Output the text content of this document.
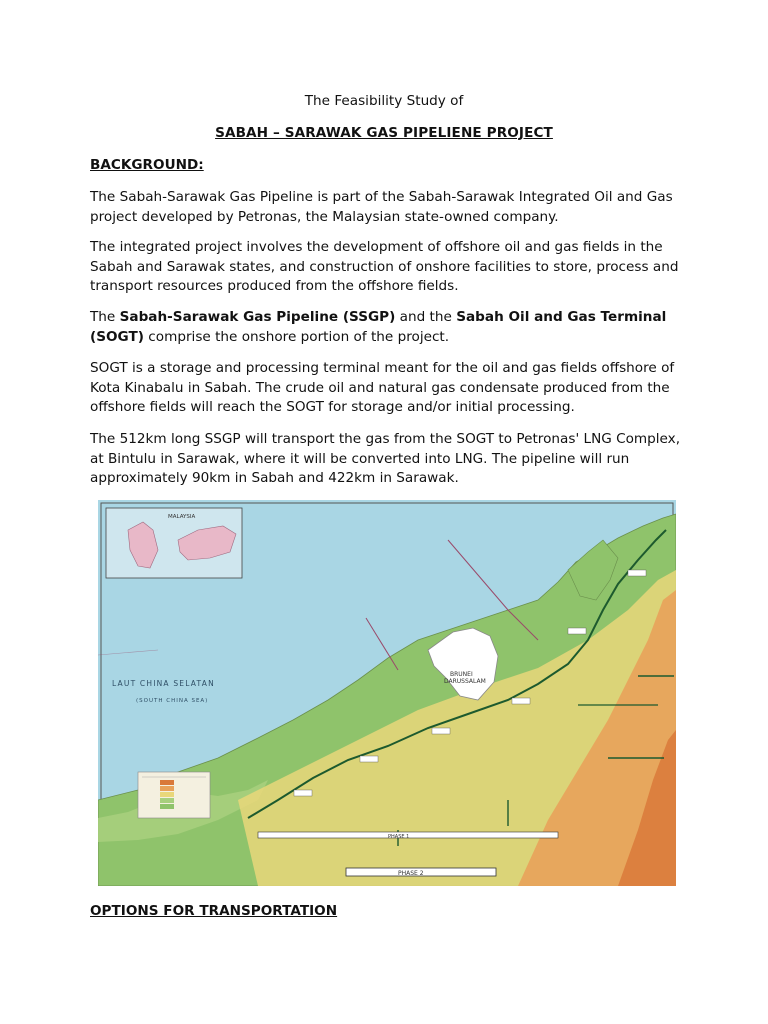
The Feasibility Study of
SABAH – SARAWAK GAS PIPELIENE PROJECT
BACKGROUND:

The Sabah-Sarawak Gas Pipeline is part of the Sabah-Sarawak Integrated Oil and Gas project developed by Petronas, the Malaysian state-owned company.

The integrated project involves the development of offshore oil and gas fields in the Sabah and Sarawak states, and construction of onshore facilities to store, process and transport resources produced from the offshore fields.

The Sabah-Sarawak Gas Pipeline (SSGP) and the Sabah Oil and Gas Terminal (SOGT) comprise the onshore portion of the project.

SOGT is a storage and processing terminal meant for the oil and gas fields offshore of Kota Kinabalu in Sabah. The crude oil and natural gas condensate produced from the offshore fields will reach the SOGT for storage and/or initial processing.

The 512km long SSGP will transport the gas from the SOGT to Petronas' LNG Complex, at Bintulu in Sarawak, where it will be converted into LNG. The pipeline will run approximately 90km in Sabah and 422km in Sarawak.

BRUNEI
DARUSSALAM
MALAYSIA
LAUT CHINA SELATAN
(SOUTH CHINA SEA)
PHASE 2
PHASE 1
OPTIONS FOR TRANSPORTATION
